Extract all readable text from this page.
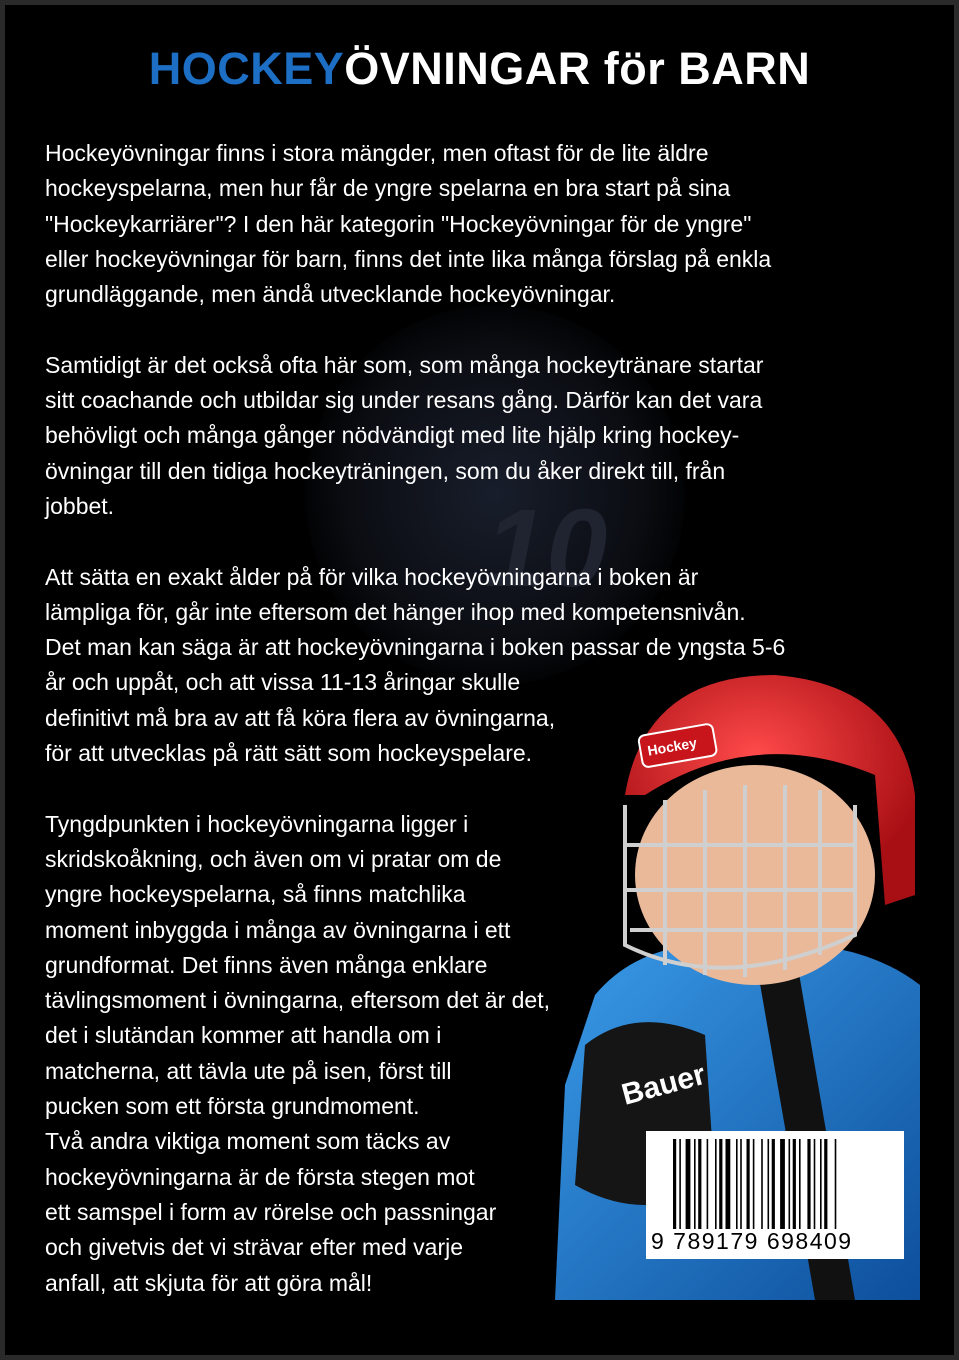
10
HOCKEYÖVNINGAR för BARN
Hockeyövningar finns i stora mängder, men oftast för de lite äldre
hockeyspelarna, men hur får de yngre spelarna en bra start på sina
"Hockeykarriärer"? I den här kategorin "Hockeyövningar för de yngre"
eller hockeyövningar för barn, finns det inte lika många förslag på enkla
grundläggande, men ändå utvecklande hockeyövningar.
Samtidigt är det också ofta här som, som många hockeytränare startar
sitt coachande och utbildar sig under resans gång. Därför kan det vara
behövligt och många gånger nödvändigt med lite hjälp kring hockey-
övningar till den tidiga hockeyträningen, som du åker direkt till, från
jobbet.
Att sätta en exakt ålder på för vilka hockeyövningarna i boken är
lämpliga för, går inte eftersom det hänger ihop med kompetensnivån.
Det man kan säga är att hockeyövningarna i boken passar de yngsta 5-6
år och uppåt, och att vissa 11-13 åringar skulle
definitivt må bra av att få köra flera av övningarna,
för att utvecklas på rätt sätt som hockeyspelare.
Tyngdpunkten i hockeyövningarna ligger i
skridskoåkning, och även om vi pratar om de
yngre hockeyspelarna, så finns matchlika
moment inbyggda i många av övningarna i ett
grundformat. Det finns även många enklare
tävlingsmoment i övningarna, eftersom det är det,
det i slutändan kommer att handla om i
matcherna, att tävla ute på isen, först till
pucken som ett första grundmoment.
Två andra viktiga moment som täcks av
hockeyövningarna är de första stegen mot
ett samspel i form av rörelse och passningar
och givetvis det vi strävar efter med varje
anfall, att skjuta för att göra mål!
Bauer
Hockey
9 789179 698409
